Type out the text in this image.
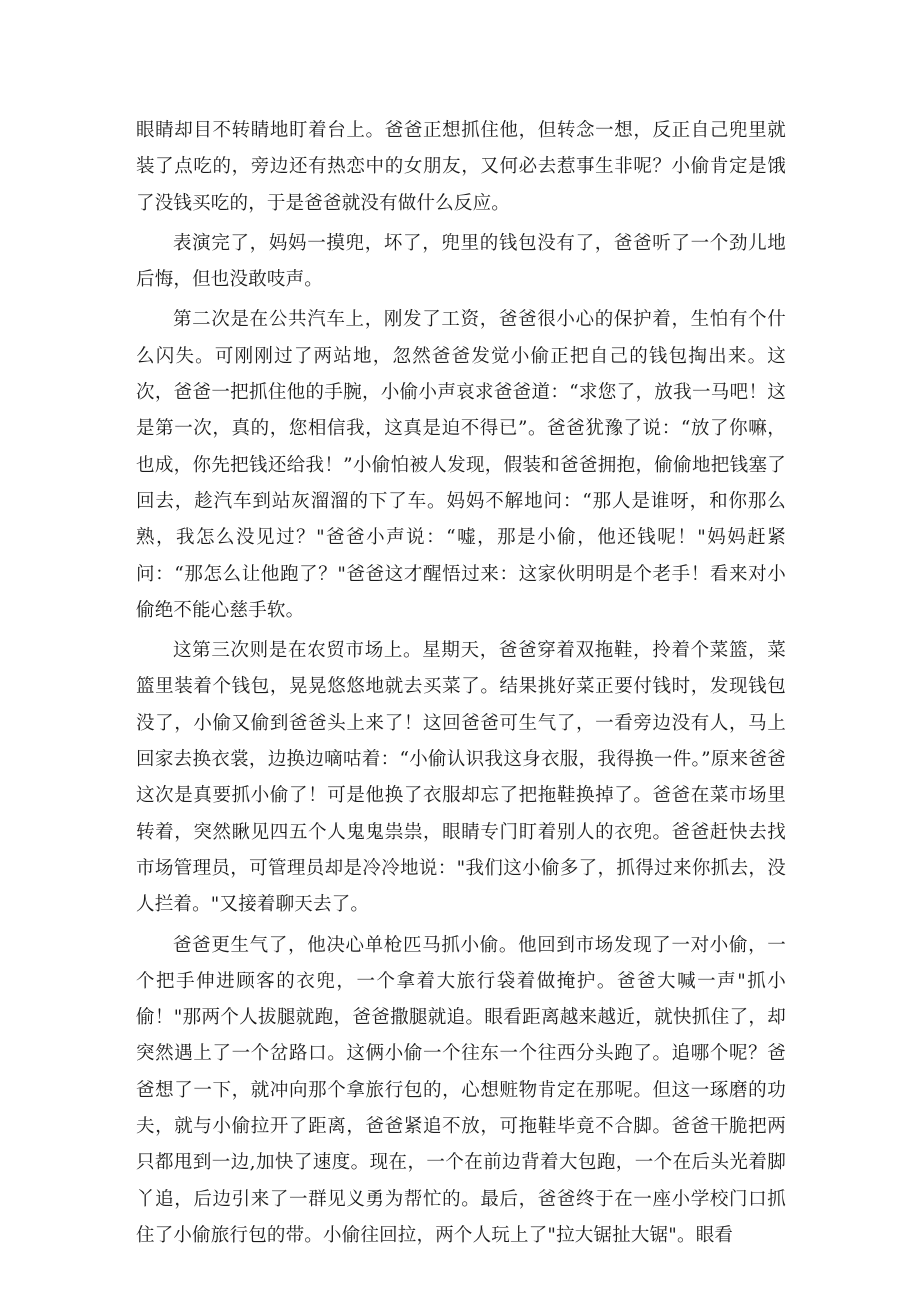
眼睛却目不转睛地盯着台上。爸爸正想抓住他，但转念一想，反正自己兜里就装了点吃的，旁边还有热恋中的女朋友，又何必去惹事生非呢？小偷肯定是饿了没钱买吃的，于是爸爸就没有做什么反应。

表演完了，妈妈一摸兜，坏了，兜里的钱包没有了，爸爸听了一个劲儿地后悔，但也没敢吱声。

第二次是在公共汽车上，刚发了工资，爸爸很小心的保护着，生怕有个什么闪失。可刚刚过了两站地，忽然爸爸发觉小偷正把自己的钱包掏出来。这次，爸爸一把抓住他的手腕，小偷小声哀求爸爸道：“求您了，放我一马吧！这是第一次，真的，您相信我，这真是迫不得已”。爸爸犹豫了说：“放了你嘛，也成，你先把钱还给我！”小偷怕被人发现，假装和爸爸拥抱，偷偷地把钱塞了回去，趁汽车到站灰溜溜的下了车。妈妈不解地问：“那人是谁呀，和你那么熟，我怎么没见过？"爸爸小声说：“嘘，那是小偷，他还钱呢！"妈妈赶紧问：“那怎么让他跑了？"爸爸这才醒悟过来：这家伙明明是个老手！看来对小偷绝不能心慈手软。

这第三次则是在农贸市场上。星期天，爸爸穿着双拖鞋，拎着个菜篮，菜篮里装着个钱包，晃晃悠悠地就去买菜了。结果挑好菜正要付钱时，发现钱包没了，小偷又偷到爸爸头上来了！这回爸爸可生气了，一看旁边没有人，马上回家去换衣裳，边换边嘀咕着：“小偷认识我这身衣服，我得换一件。”原来爸爸这次是真要抓小偷了！可是他换了衣服却忘了把拖鞋换掉了。爸爸在菜市场里转着，突然瞅见四五个人鬼鬼祟祟，眼睛专门盯着别人的衣兜。爸爸赶快去找市场管理员，可管理员却是冷冷地说："我们这小偷多了，抓得过来你抓去，没人拦着。"又接着聊天去了。

爸爸更生气了，他决心单枪匹马抓小偷。他回到市场发现了一对小偷，一个把手伸进顾客的衣兜，一个拿着大旅行袋着做掩护。爸爸大喊一声"抓小偷！"那两个人拔腿就跑，爸爸撒腿就追。眼看距离越来越近，就快抓住了，却突然遇上了一个岔路口。这俩小偷一个往东一个往西分头跑了。追哪个呢？爸爸想了一下，就冲向那个拿旅行包的，心想赃物肯定在那呢。但这一琢磨的功夫，就与小偷拉开了距离，爸爸紧追不放，可拖鞋毕竟不合脚。爸爸干脆把两只都甩到一边,加快了速度。现在，一个在前边背着大包跑，一个在后头光着脚丫追，后边引来了一群见义勇为帮忙的。最后，爸爸终于在一座小学校门口抓住了小偷旅行包的带。小偷往回拉，两个人玩上了"拉大锯扯大锯"。眼看
